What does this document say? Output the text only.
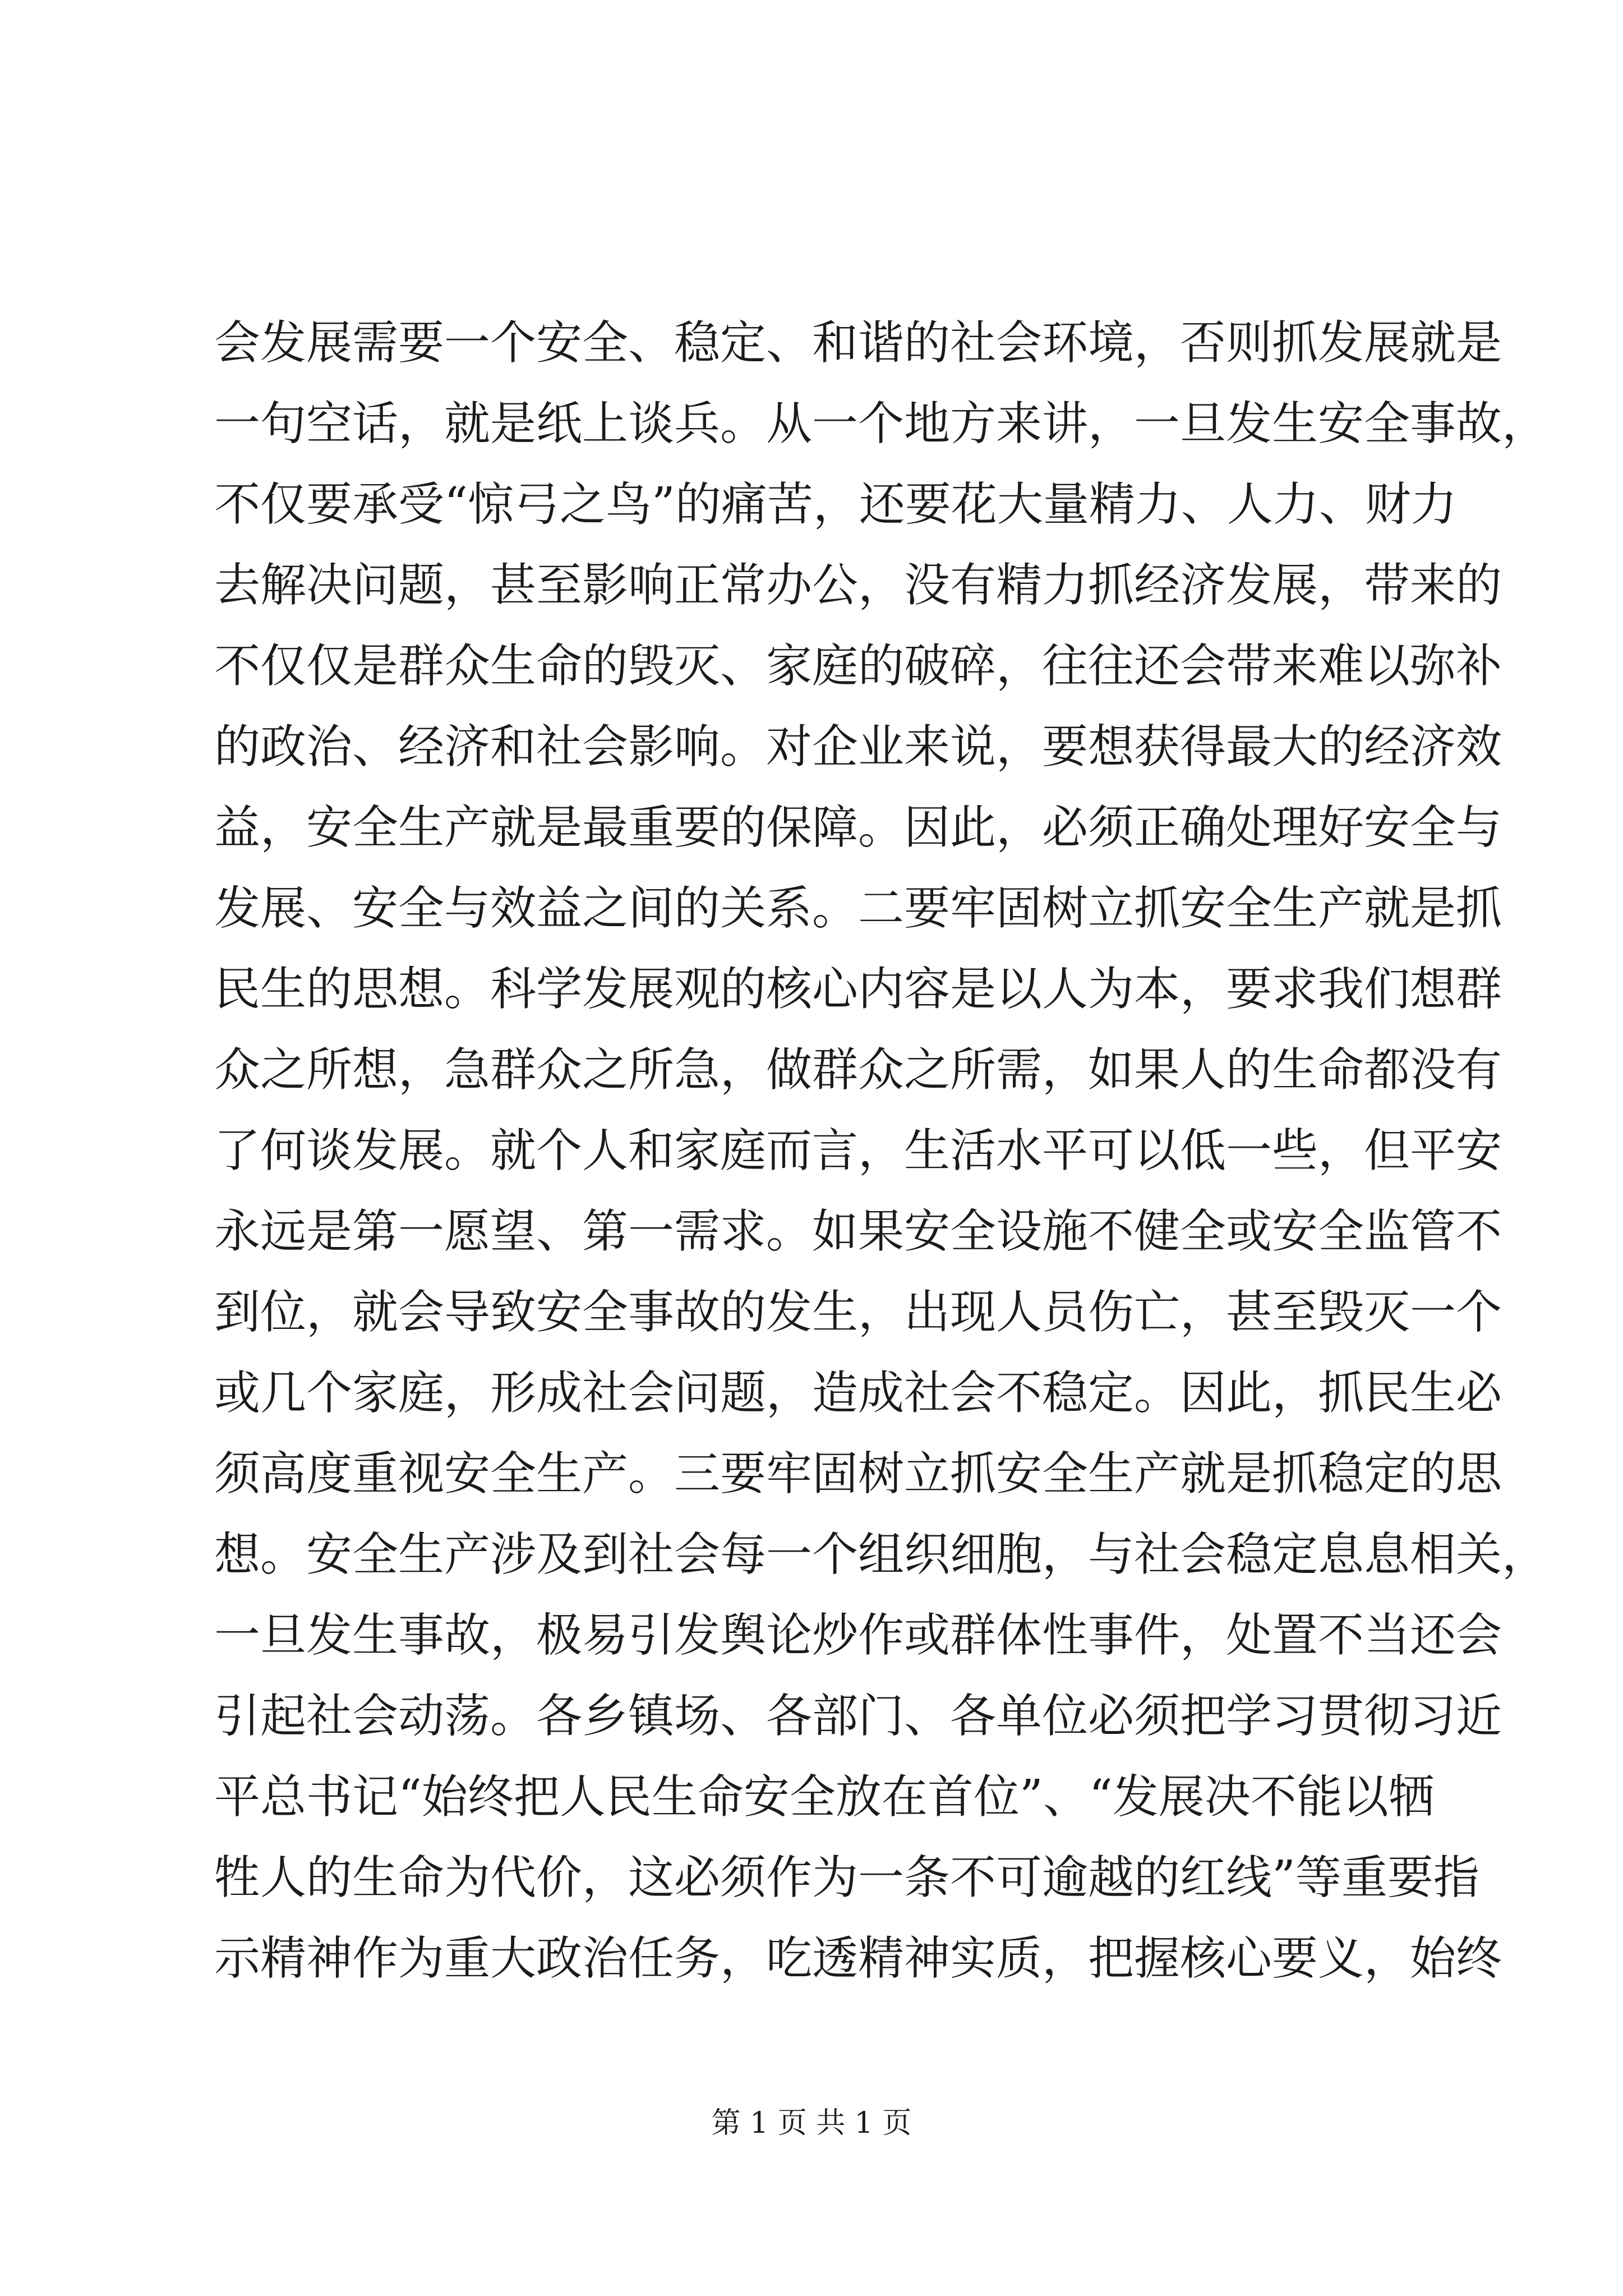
会发展需要一个安全、稳定、和谐的社会环境，否则抓发展就是
一句空话，就是纸上谈兵。从一个地方来讲，一旦发生安全事故，
不仅要承受“惊弓之鸟”的痛苦，还要花大量精力、人力、财力
去解决问题，甚至影响正常办公，没有精力抓经济发展，带来的
不仅仅是群众生命的毁灭、家庭的破碎，往往还会带来难以弥补
的政治、经济和社会影响。对企业来说，要想获得最大的经济效
益，安全生产就是最重要的保障。因此，必须正确处理好安全与
发展、安全与效益之间的关系。二要牢固树立抓安全生产就是抓
民生的思想。科学发展观的核心内容是以人为本，要求我们想群
众之所想，急群众之所急，做群众之所需，如果人的生命都没有
了何谈发展。就个人和家庭而言，生活水平可以低一些，但平安
永远是第一愿望、第一需求。如果安全设施不健全或安全监管不
到位，就会导致安全事故的发生，出现人员伤亡，甚至毁灭一个
或几个家庭，形成社会问题，造成社会不稳定。因此，抓民生必
须高度重视安全生产。三要牢固树立抓安全生产就是抓稳定的思
想。安全生产涉及到社会每一个组织细胞，与社会稳定息息相关，
一旦发生事故，极易引发舆论炒作或群体性事件，处置不当还会
引起社会动荡。各乡镇场、各部门、各单位必须把学习贯彻习近
平总书记“始终把人民生命安全放在首位”、“发展决不能以牺
牲人的生命为代价，这必须作为一条不可逾越的红线”等重要指
示精神作为重大政治任务，吃透精神实质，把握核心要义，始终
第 1 页 共 1 页
